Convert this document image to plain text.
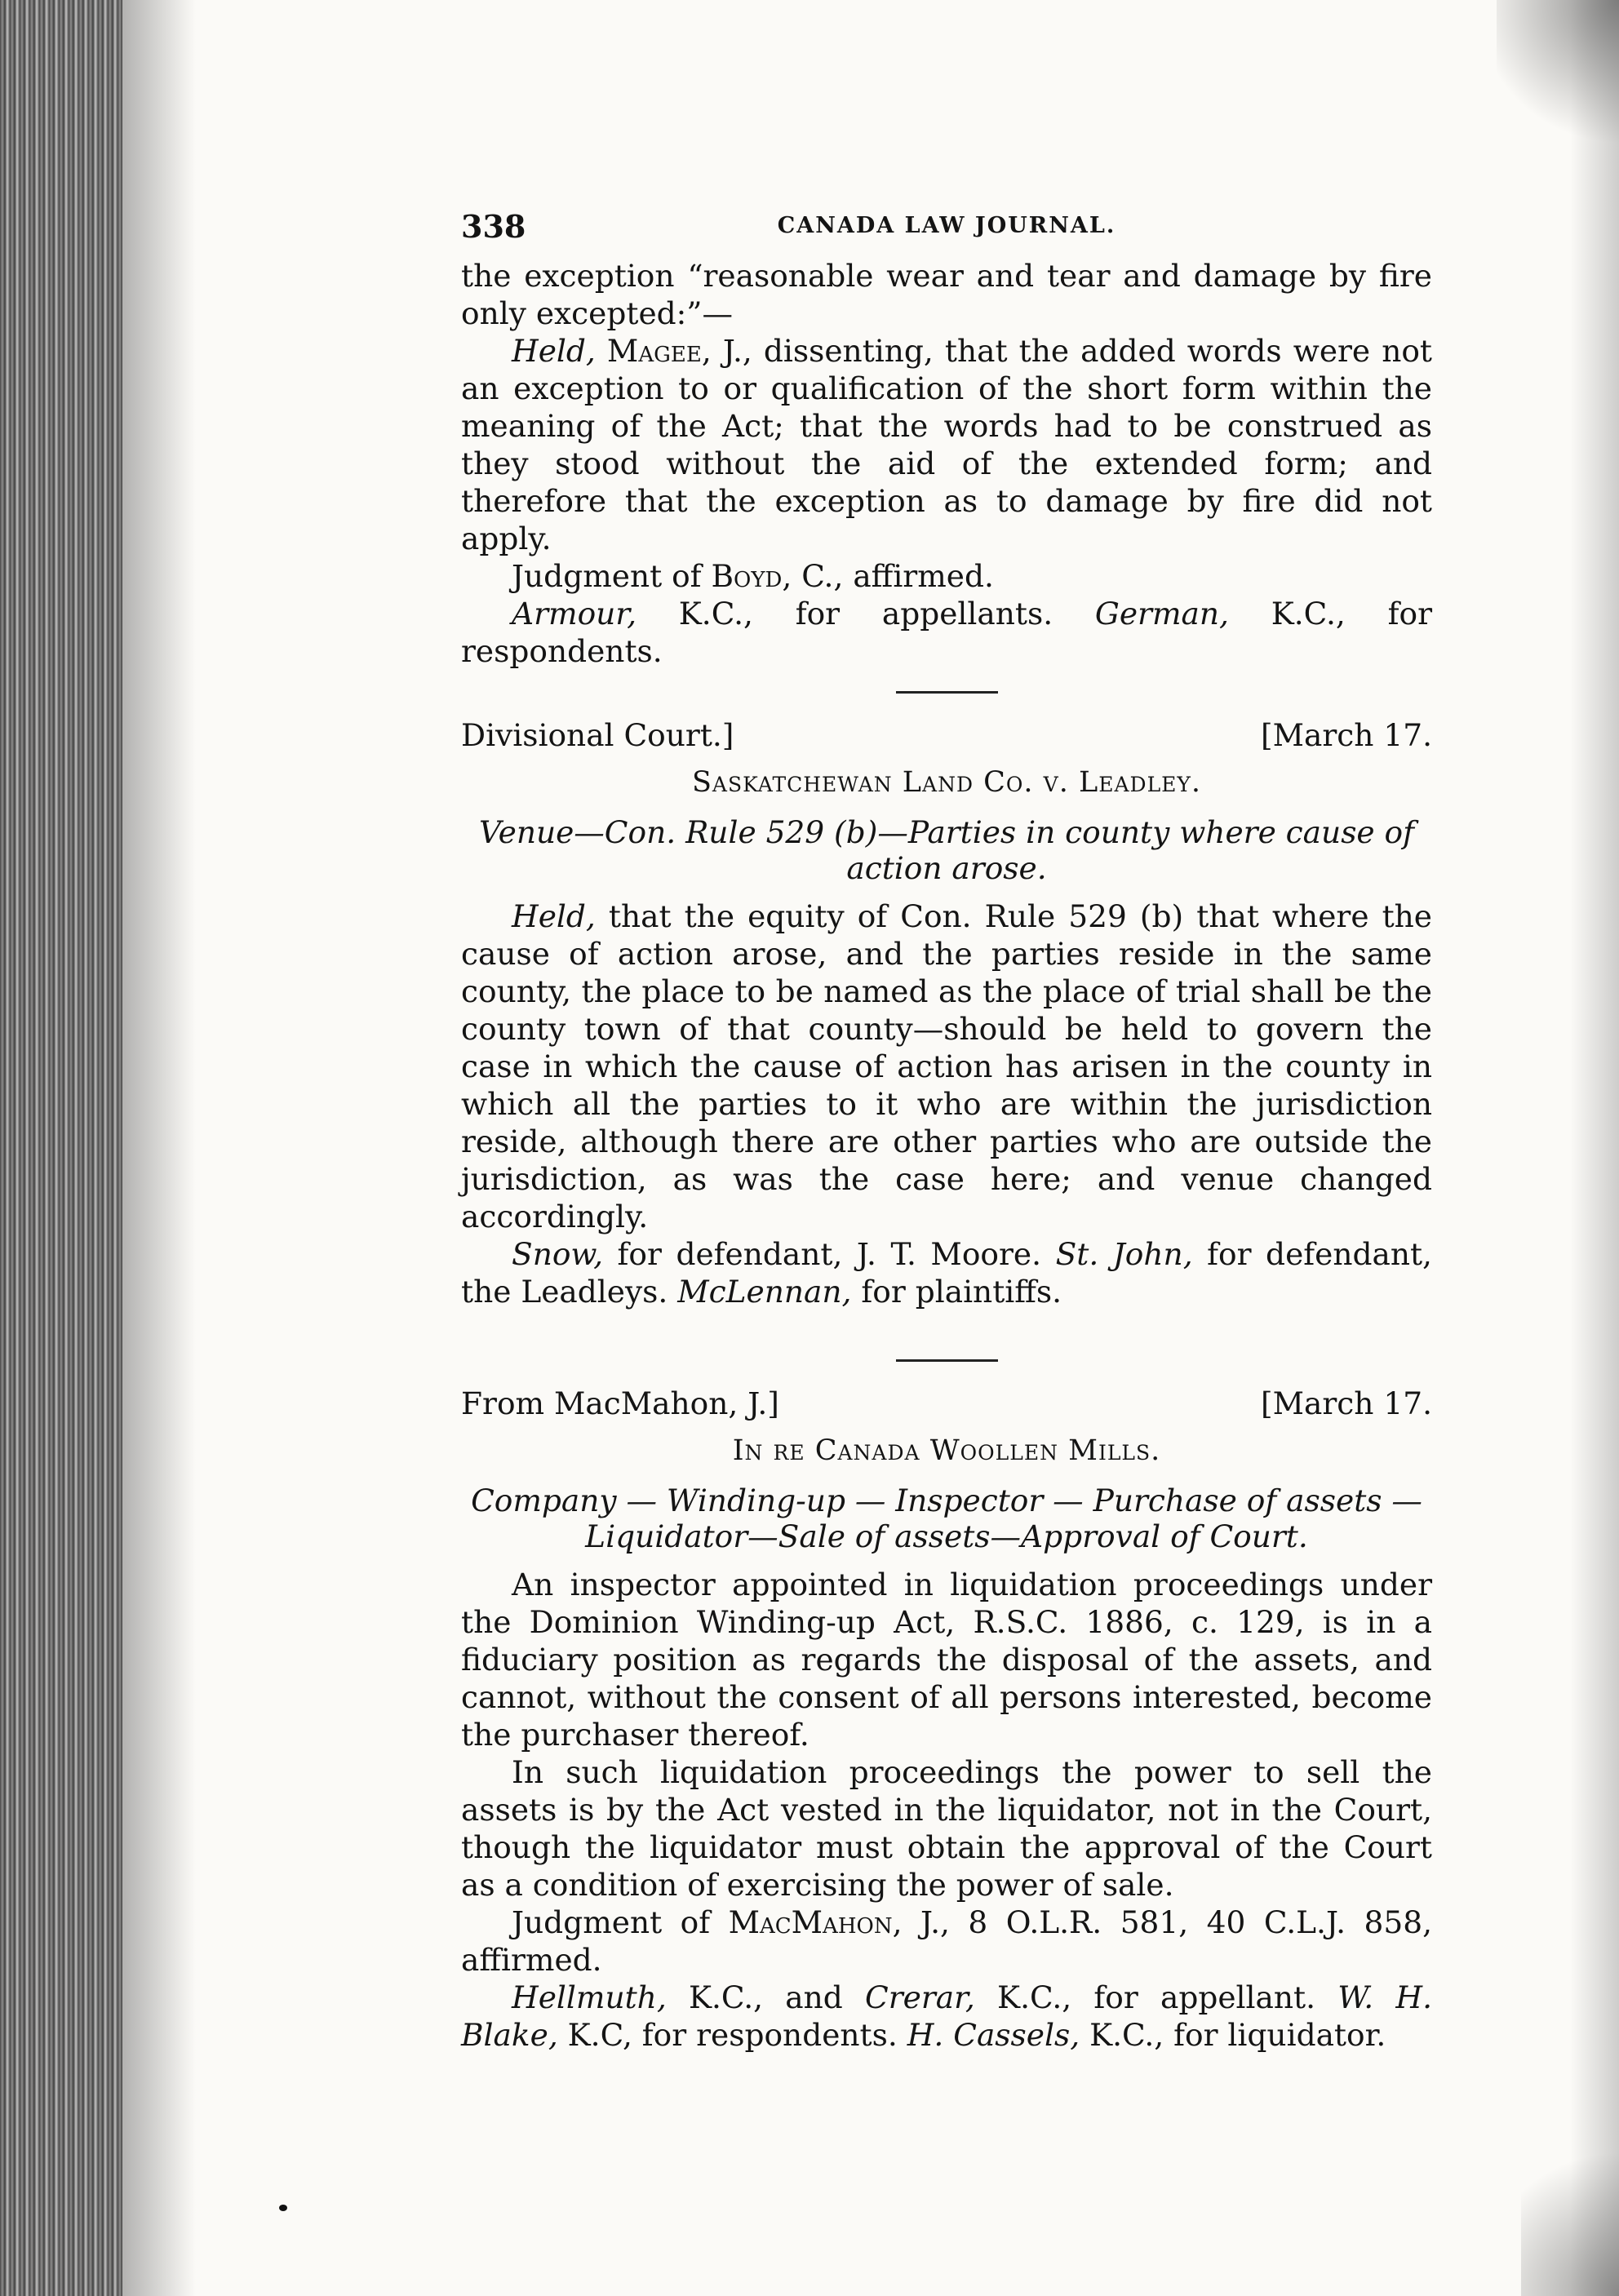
338	CANADA LAW JOURNAL.

the exception “reasonable wear and tear and damage by fire only excepted:”—

Held, Magee, J., dissenting, that the added words were not an exception to or qualification of the short form within the meaning of the Act; that the words had to be construed as they stood without the aid of the extended form; and therefore that the exception as to damage by fire did not apply.

Judgment of Boyd, C., affirmed.

Armour, K.C., for appellants. German, K.C., for respondents.

Divisional Court.]	[March 17.
Saskatchewan Land Co. v. Leadley.
Venue—Con. Rule 529 (b)—Parties in county where cause of
action arose.

Held, that the equity of Con. Rule 529 (b) that where the cause of action arose, and the parties reside in the same county, the place to be named as the place of trial shall be the county town of that county—should be held to govern the case in which the cause of action has arisen in the county in which all the parties to it who are within the jurisdiction reside, although there are other parties who are outside the jurisdiction, as was the case here; and venue changed accordingly.

Snow, for defendant, J. T. Moore. St. John, for defendant, the Leadleys. McLennan, for plaintiffs.

From MacMahon, J.]	[March 17.
In re Canada Woollen Mills.
Company — Winding-up — Inspector — Purchase of assets —
Liquidator—Sale of assets—Approval of Court.

An inspector appointed in liquidation proceedings under the Dominion Winding-up Act, R.S.C. 1886, c. 129, is in a fiduciary position as regards the disposal of the assets, and cannot, without the consent of all persons interested, become the purchaser thereof.

In such liquidation proceedings the power to sell the assets is by the Act vested in the liquidator, not in the Court, though the liquidator must obtain the approval of the Court as a condition of exercising the power of sale.

Judgment of MacMahon, J., 8 O.L.R. 581, 40 C.L.J. 858, affirmed.

Hellmuth, K.C., and Crerar, K.C., for appellant. W. H. Blake, K.C, for respondents. H. Cassels, K.C., for liquidator.
